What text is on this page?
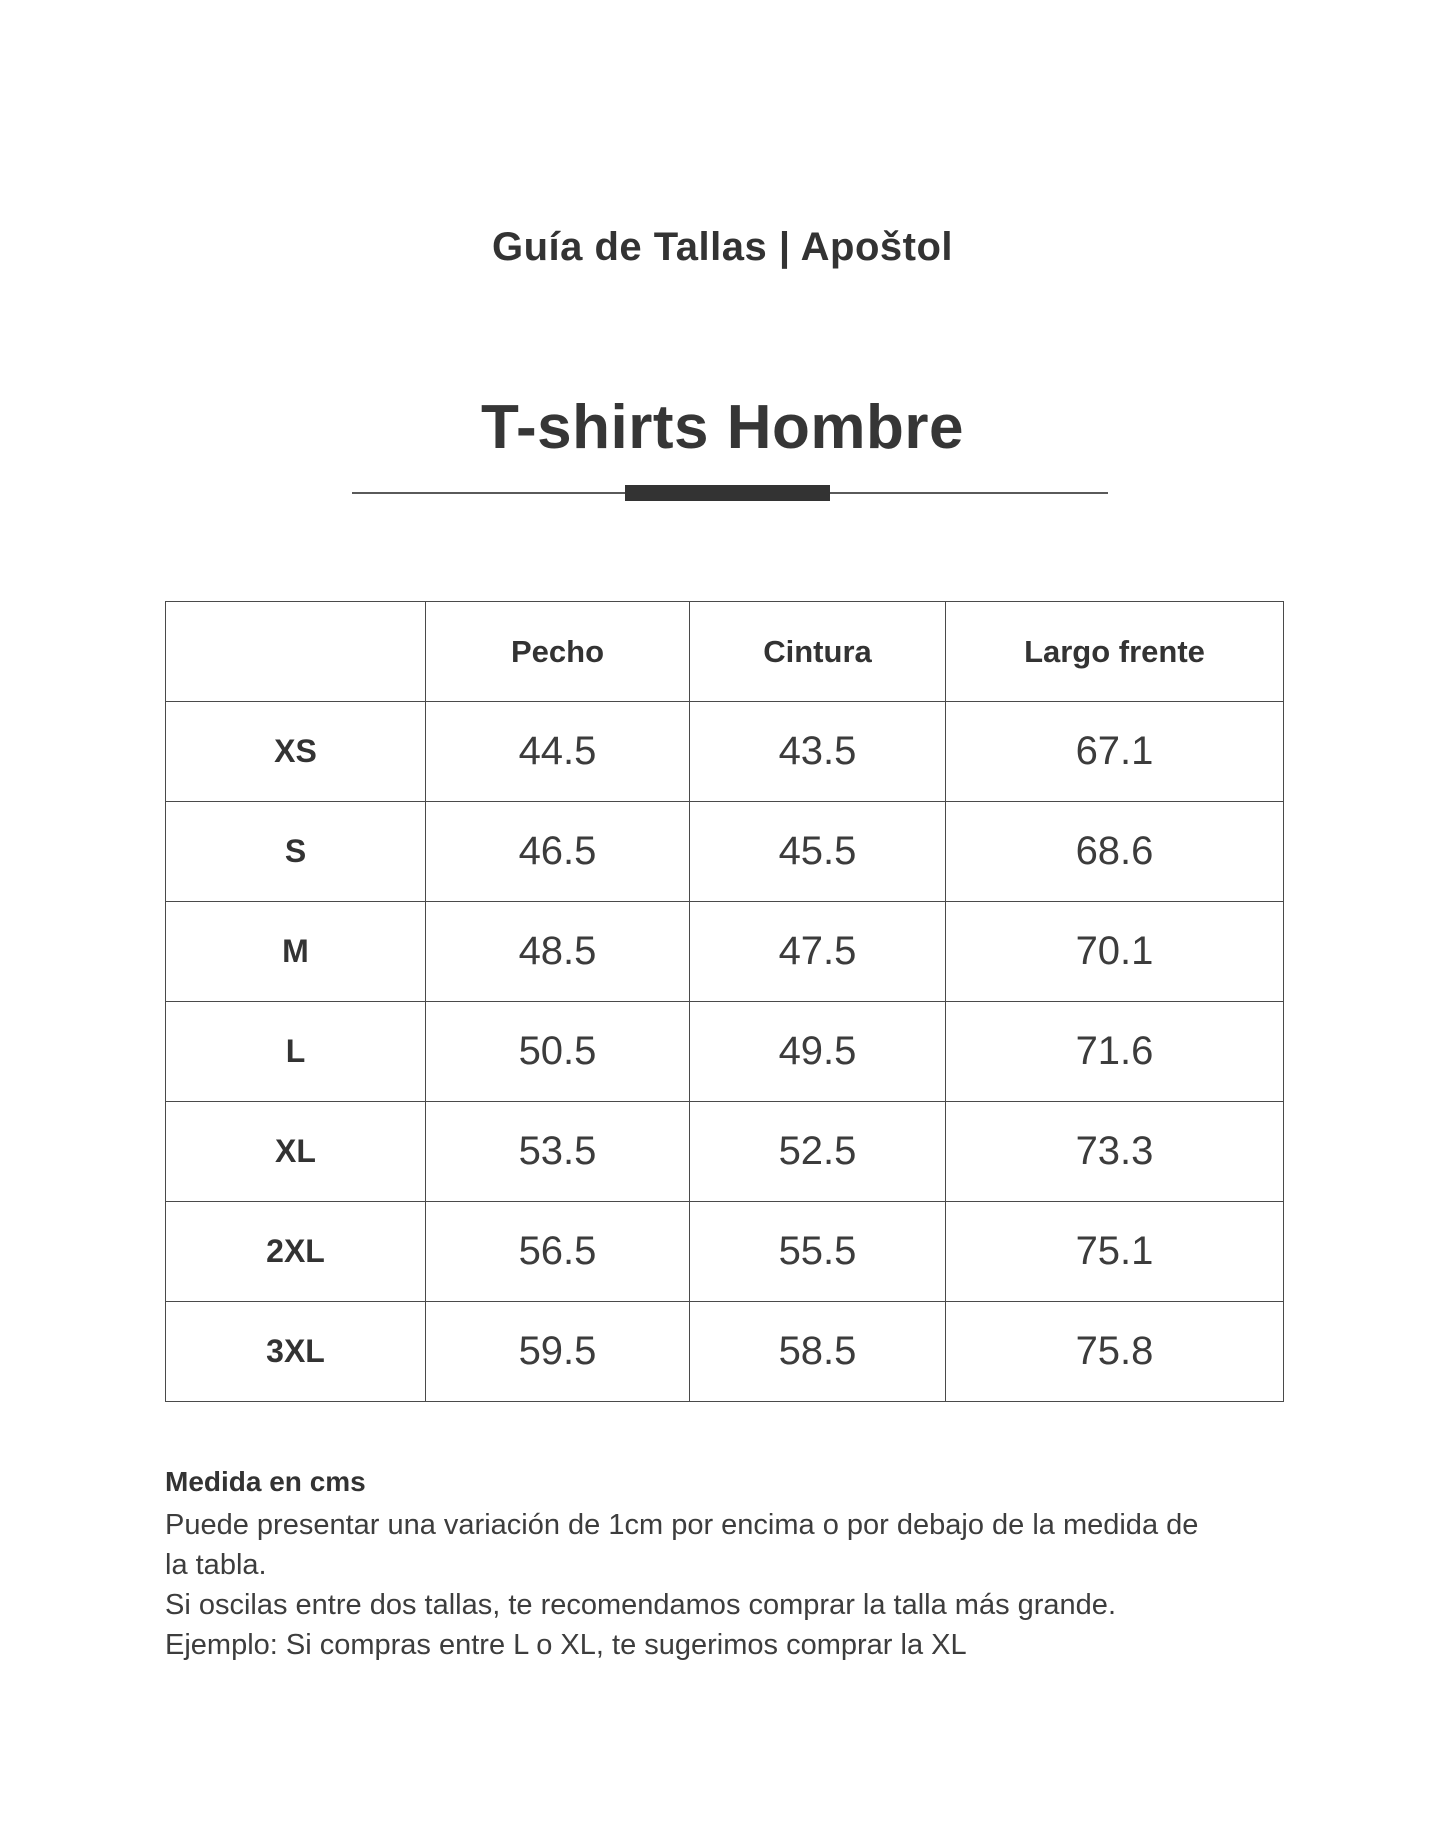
Guía de Tallas | Apoštol
T-shirts Hombre
	Pecho	Cintura	Largo frente
XS	44.5	43.5	67.1
S	46.5	45.5	68.6
M	48.5	47.5	70.1
L	50.5	49.5	71.6
XL	53.5	52.5	73.3
2XL	56.5	55.5	75.1
3XL	59.5	58.5	75.8
Medida en cms
Puede presentar una variación de 1cm por encima o por debajo de la medida de
la tabla.
Si oscilas entre dos tallas, te recomendamos comprar la talla más grande.
Ejemplo: Si compras entre L o XL, te sugerimos comprar la XL
